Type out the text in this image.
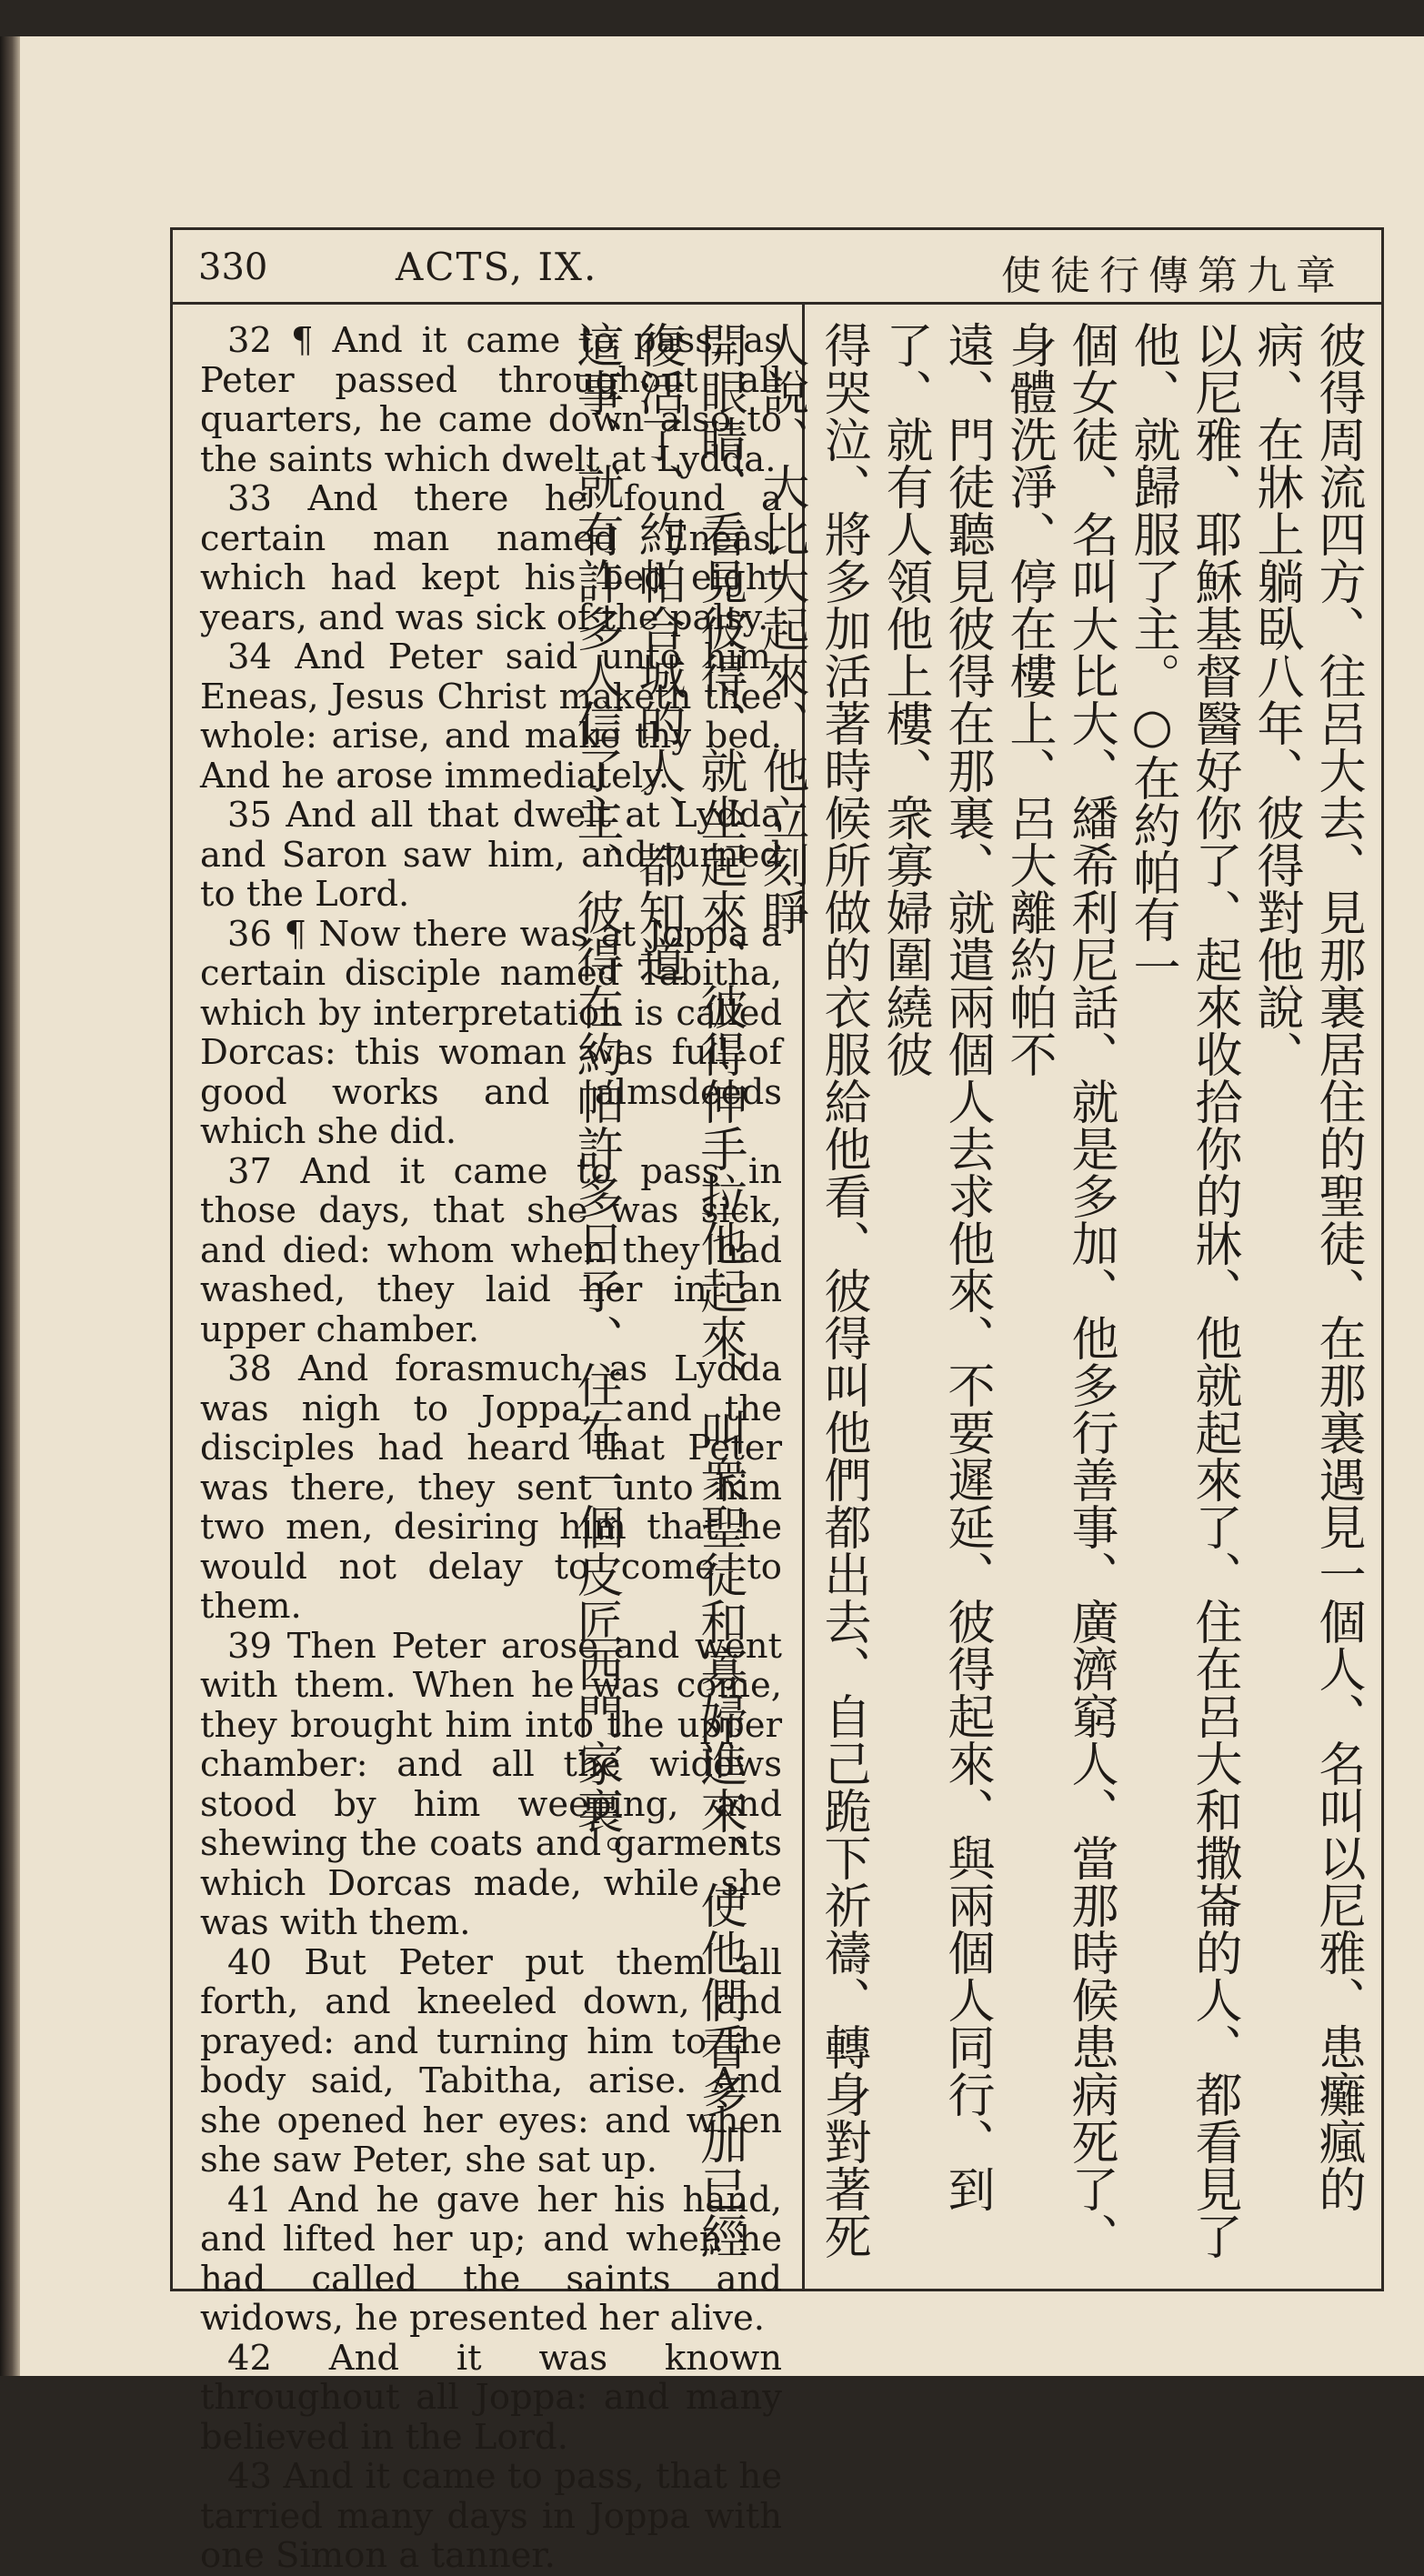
330	ACTS, IX.	使徒行傳第九章

32 ¶ And it came to pass, as Peter passed throughout all quarters, he came down also to the saints which dwelt at Lydda.

33 And there he found a certain man named Eneas, which had kept his bed eight years, and was sick of the palsy.

34 And Peter said unto him, Eneas, Jesus Christ maketh thee whole: arise, and make thy bed. And he arose immediately.

35 And all that dwelt at Lydda and Saron saw him, and turned to the Lord.

36 ¶ Now there was at Joppa a certain disciple named Tabitha, which by interpretation is called Dorcas: this woman was full of good works and almsdeeds which she did.

37 And it came to pass in those days, that she was sick, and died: whom when they had washed, they laid her in an upper chamber.

38 And forasmuch as Lydda was nigh to Joppa, and the disciples had heard that Peter was there, they sent unto him two men, desiring him that he would not delay to come to them.

39 Then Peter arose and went with them. When he was come, they brought him into the upper chamber: and all the widows stood by him weeping, and shewing the coats and garments which Dorcas made, while she was with them.

40 But Peter put them all forth, and kneeled down, and prayed: and turning him to the body said, Tabitha, arise. And she opened her eyes: and when she saw Peter, she sat up.

41 And he gave her his hand, and lifted her up; and when he had called the saints and widows, he presented her alive.

42 And it was known throughout all Joppa: and many believed in the Lord.

43 And it came to pass, that he tarried many days in Joppa with one Simon a tanner.

彼得周流四方、往呂大去、見那裏居住的聖徒、在那裏遇見一個人、名叫以尼雅、患癱瘋的病、在牀上躺臥八年、彼得對他說、

以尼雅、耶穌基督醫好你了、起來收拾你的牀、他就起來了、住在呂大和撒崙的人、都看見了他、就歸服了主。○在約帕有一

個女徒、名叫大比大、繙希利尼話、就是多加、他多行善事、廣濟窮人、當那時候患病死了、身體洗淨、停在樓上、呂大離約帕不

遠、門徒聽見彼得在那裏、就遣兩個人去求他來、不要遲延、彼得起來、與兩個人同行、到了、就有人領他上樓、衆寡婦圍繞彼

得哭泣、將多加活著時候所做的衣服給他看、彼得叫他們都出去、自己跪下祈禱、轉身對著死人說、大比大起來、他立刻睜

開眼睛、看見彼得、就坐起來、彼得伸手拉他起來、叫衆聖徒和寡婦進來、使他們看多加已經復活了、約帕合城的人、都知道

這事、就有許多人信了主、彼得在約帕許多日子、住在一個皮匠西門家裏。
